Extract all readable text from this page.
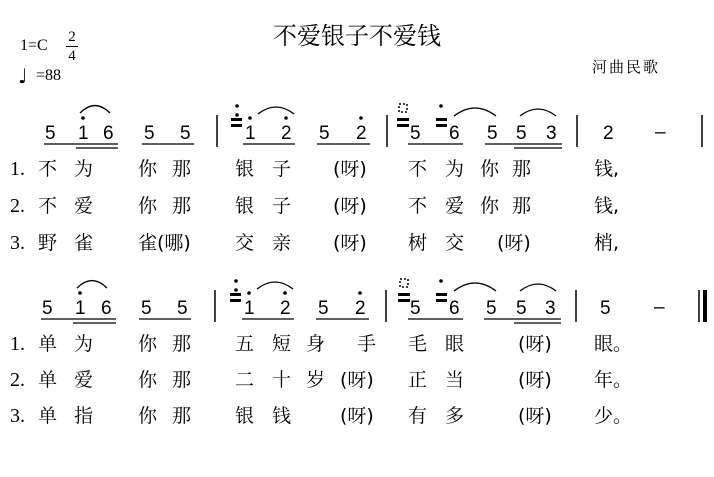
不爱银子不爱钱
1=C 2
4
♩ =88	河曲民歌
5 1 6 5 5	1 2 5 2 5 6 5 5 3 2 –
1. 不 为 你 那 银 子 (呀) 不 为 你 那	钱,
2. 不 爱 你 那 银 子 (呀) 不 爱 你 那	钱,
3. 野 雀 雀(哪) 交 亲 (呀) 树 交 (呀)	梢,
5 1 6 5 5	1 2 5 2 5 6 5 5 3 5 –
1. 单 为 你 那 五 短 身 手 毛 眼	(呀) 眼。
2. 单 爱 你 那 二 十 岁 (呀) 正 当	(呀) 年。
3. 单 指 你 那 银 钱	(呀) 有 多	(呀) 少。
